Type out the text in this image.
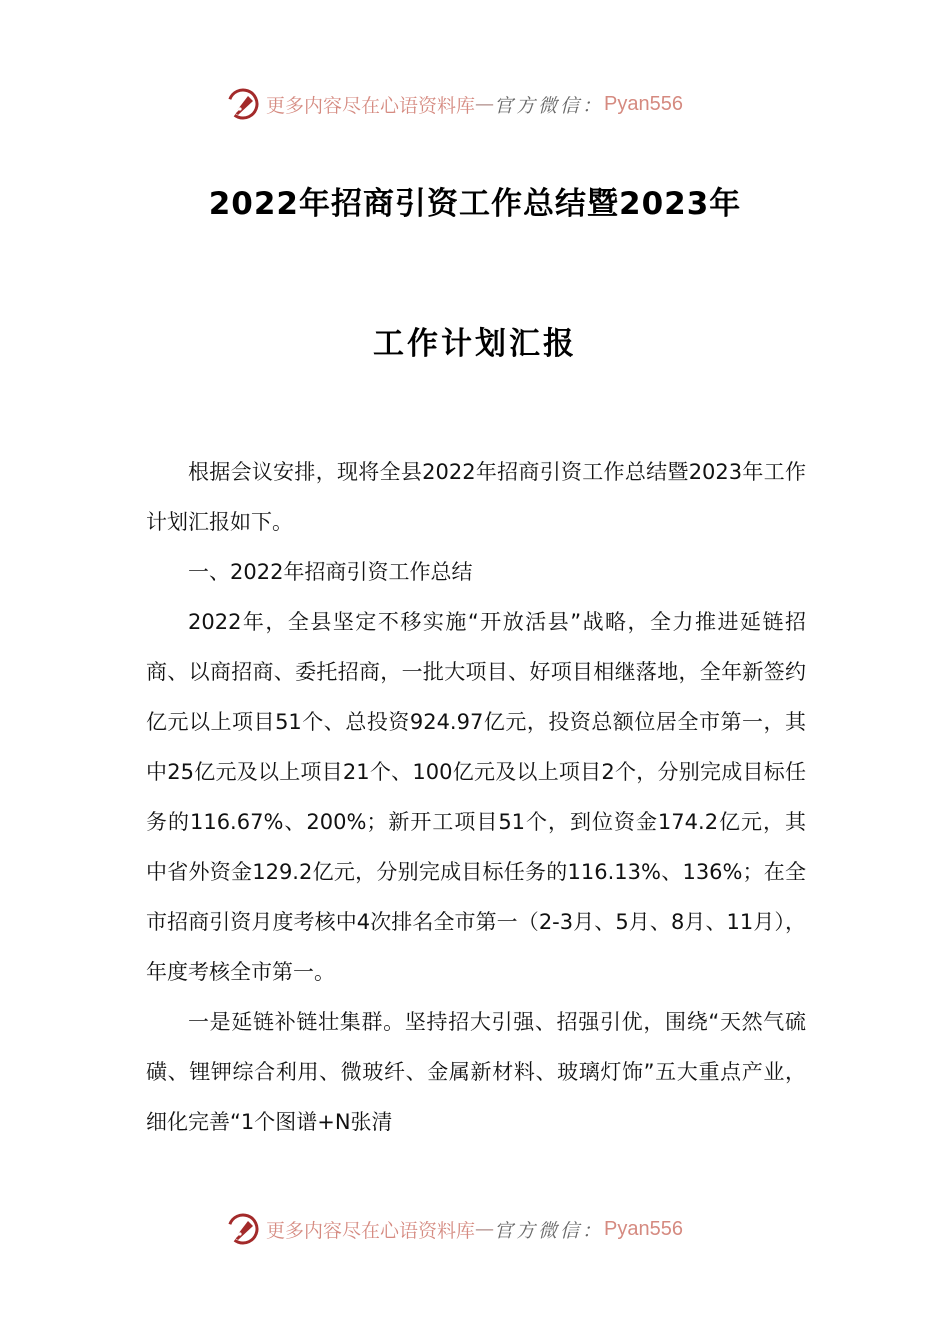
更多内容尽在心语资料库 — 官方微信： Pyan556
2022年招商引资工作总结暨2023年
工作计划汇报

根据会议安排，现将全县2022年招商引资工作总结暨2023年工作计划汇报如下。

一、2022年招商引资工作总结

2022年，全县坚定不移实施“开放活县”战略，全力推进延链招商、以商招商、委托招商，一批大项目、好项目相继落地，全年新签约亿元以上项目51个、总投资924.97亿元，投资总额位居全市第一，其中25亿元及以上项目21个、100亿元及以上项目2个，分别完成目标任务的116.67%、200%；新开工项目51个，到位资金174.2亿元，其中省外资金129.2亿元，分别完成目标任务的116.13%、136%；在全市招商引资月度考核中4次排名全市第一（2-3月、5月、8月、11月），年度考核全市第一。

一是延链补链壮集群。坚持招大引强、招强引优，围绕“天然气硫磺、锂钾综合利用、微玻纤、金属新材料、玻璃灯饰”五大重点产业，细化完善“1个图谱+N张清

更多内容尽在心语资料库 — 官方微信： Pyan556
